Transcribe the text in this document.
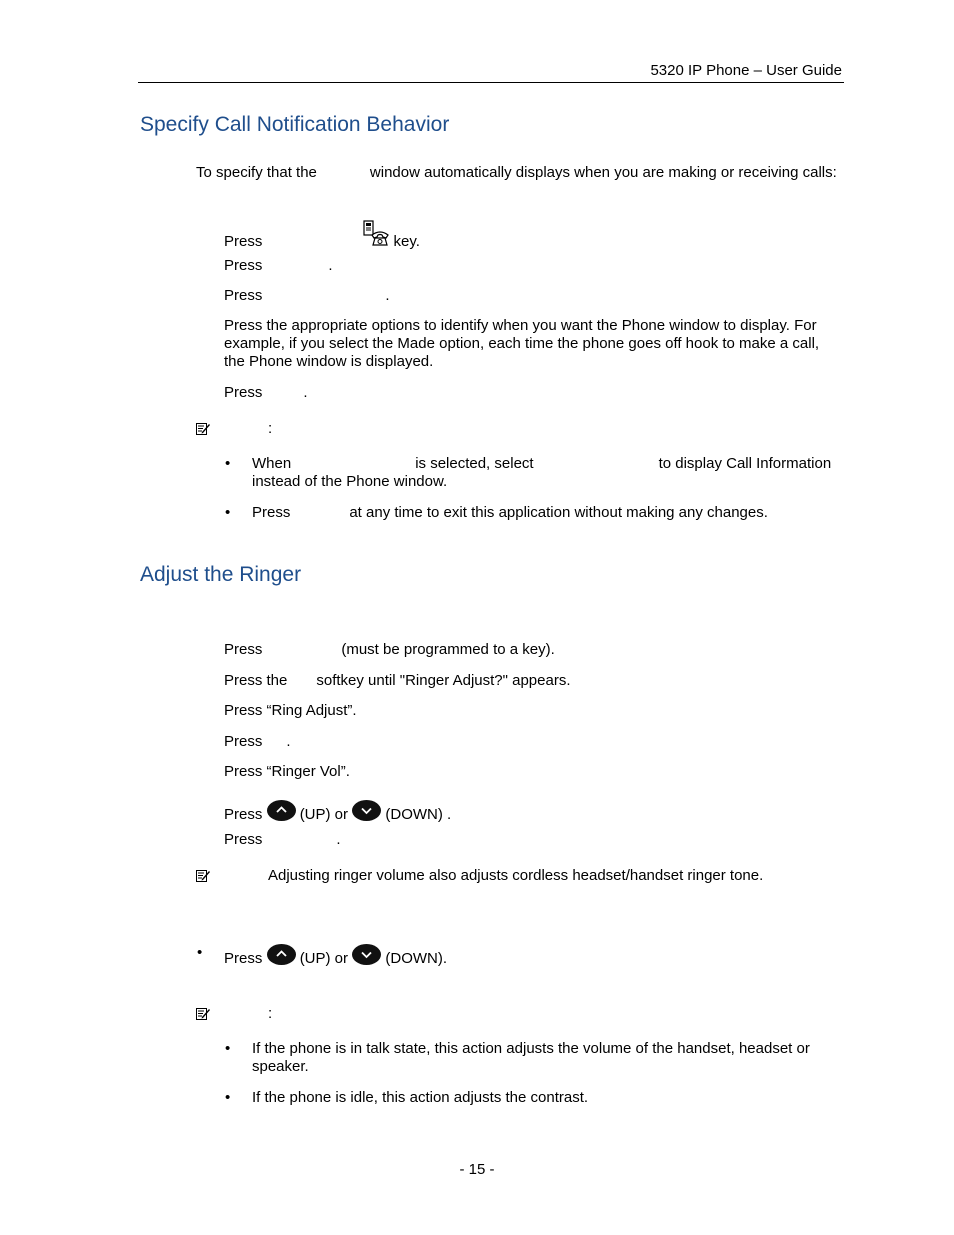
5320 IP Phone – User Guide
Specify Call Notification Behavior
To specify that the	window automatically displays when you are making or receiving calls:
Press	key.
Press	.
Press	.
Press the appropriate options to identify when you want the Phone window to display. For example, if you select the Made option, each time the phone goes off hook to make a call, the Phone window is displayed.
Press	.
:
• When	is selected, select	to display Call Information instead of the Phone window.
• Press	at any time to exit this application without making any changes.
Adjust the Ringer
Press	(must be programmed to a key).
Press the softkey until "Ringer Adjust?" appears.
Press “Ring Adjust”.
Press .
Press “Ringer Vol”.
Press (UP) or (DOWN) .
Press	.
Adjusting ringer volume also adjusts cordless headset/handset ringer tone.
• Press (UP) or (DOWN).
:
• If the phone is in talk state, this action adjusts the volume of the handset, headset or speaker.
• If the phone is idle, this action adjusts the contrast.
- 15 -
